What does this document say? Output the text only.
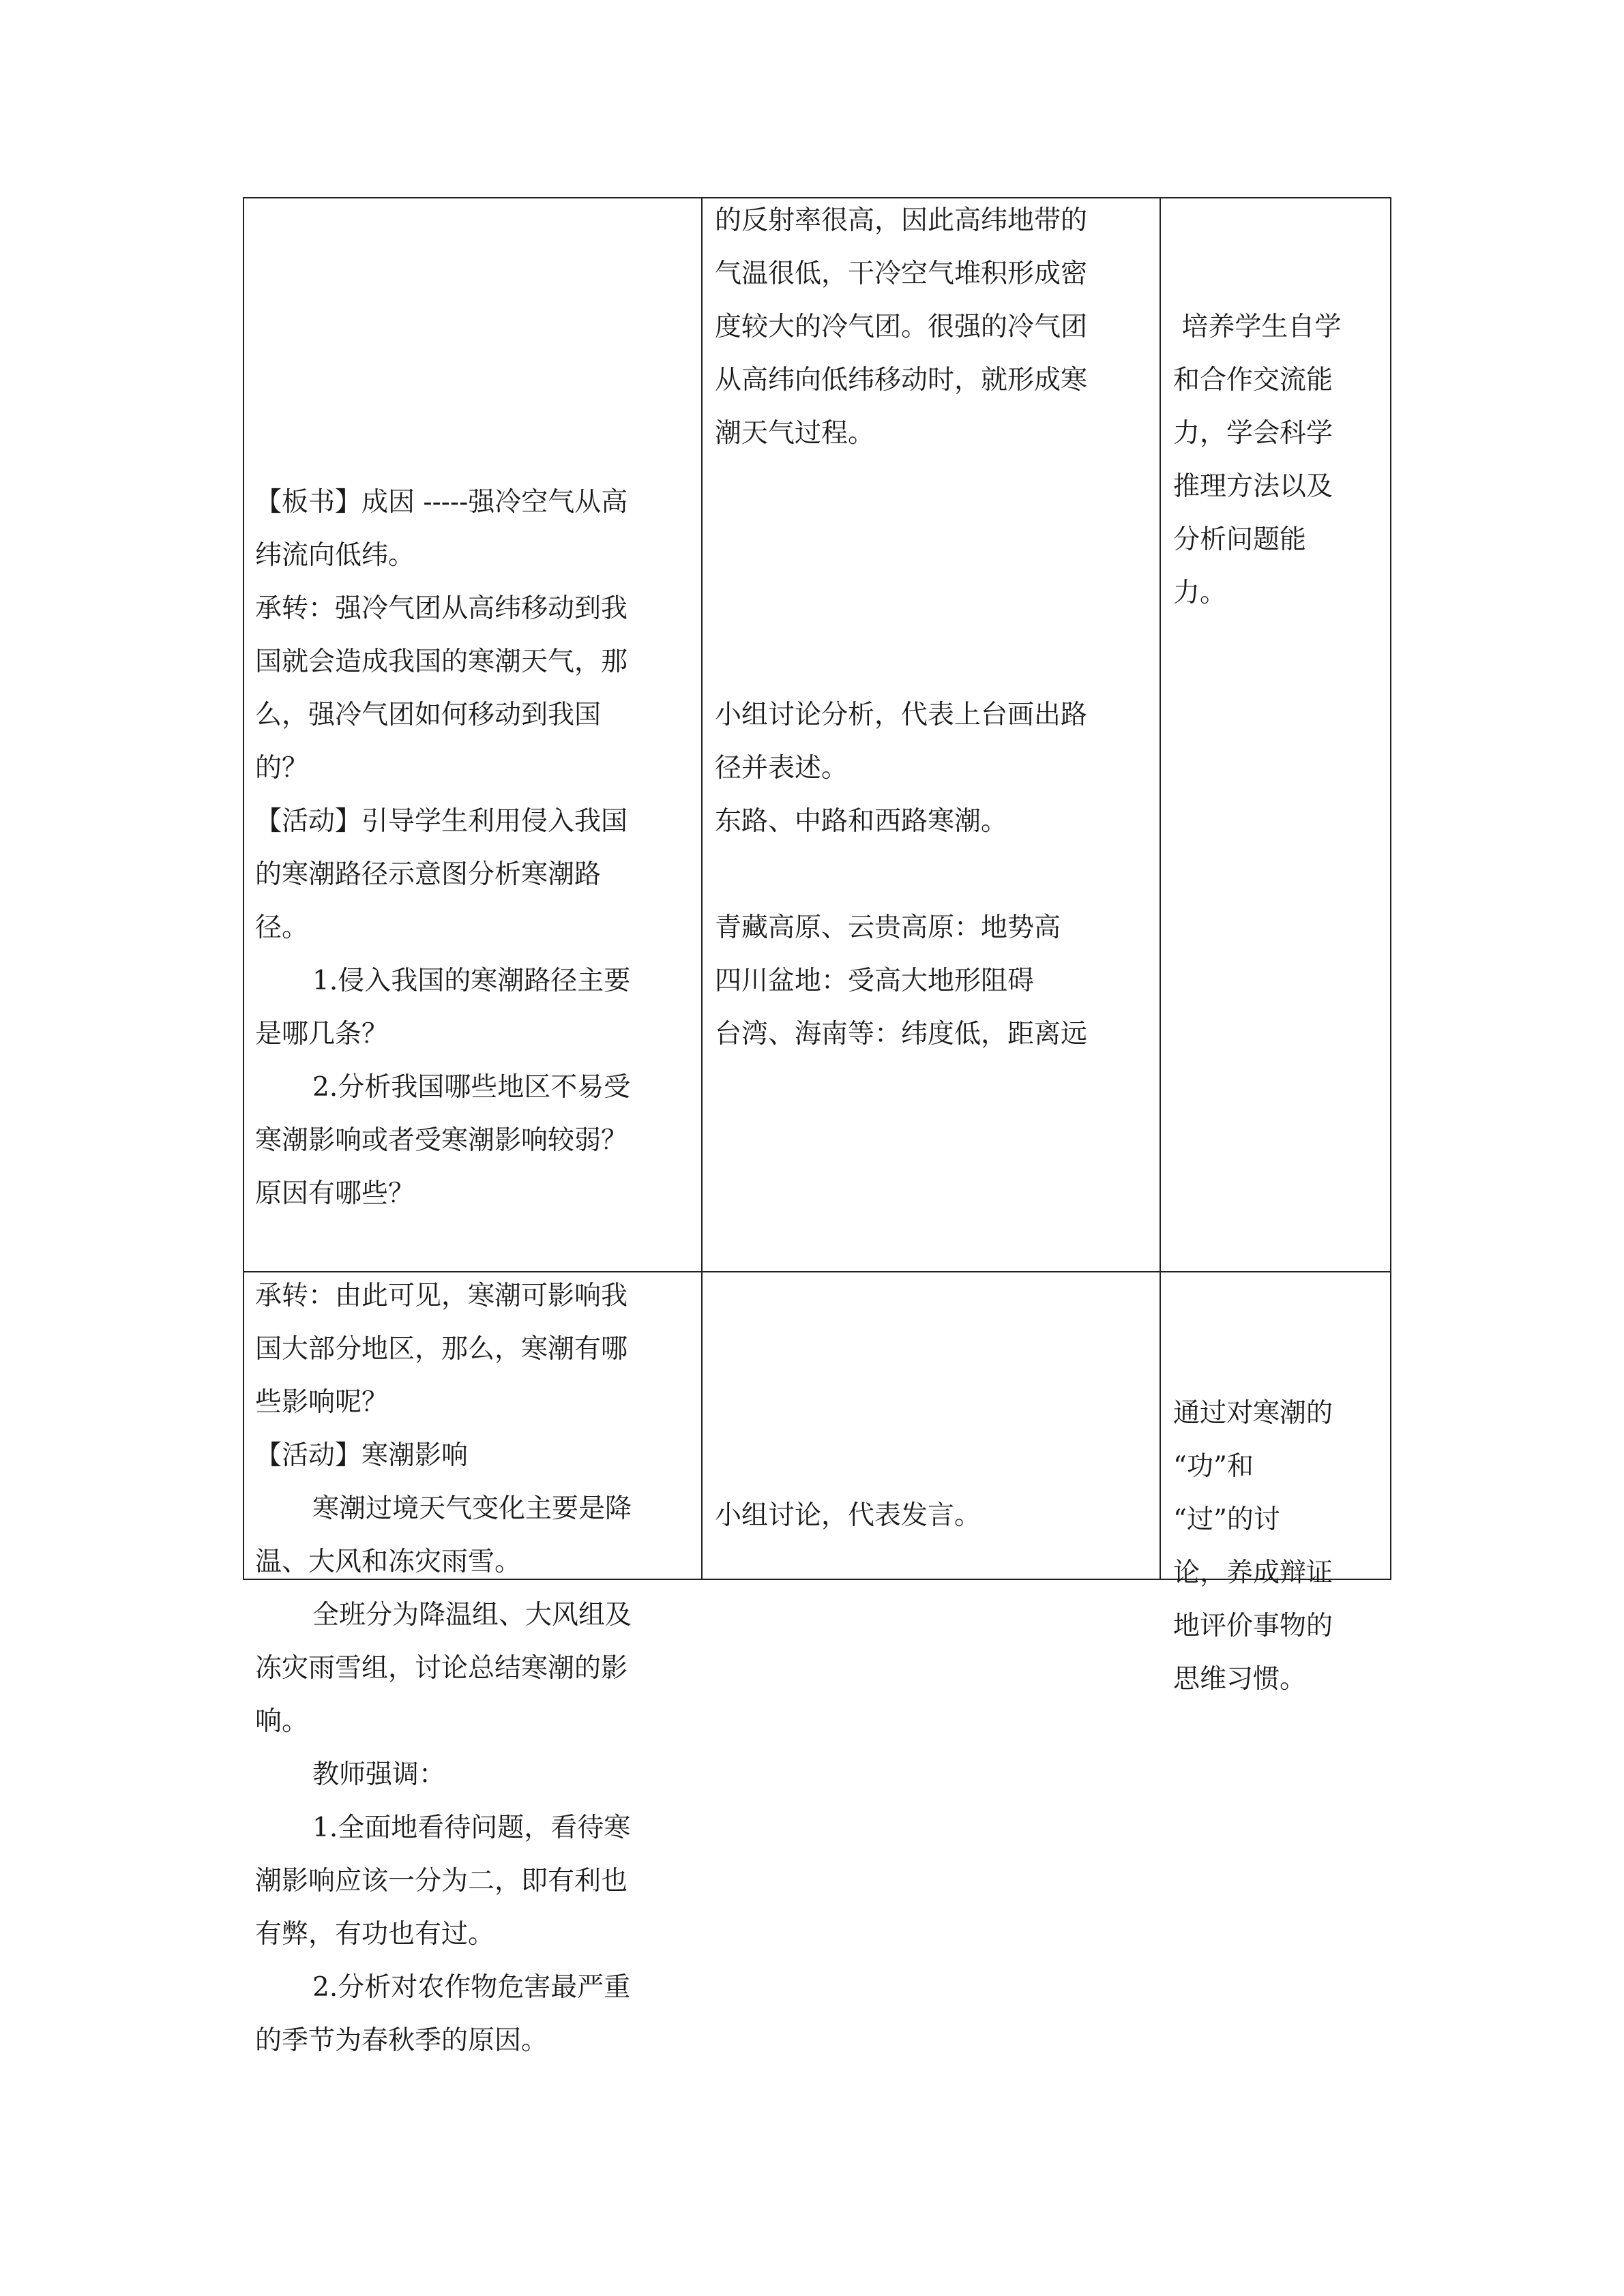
【板书】成因 -----强冷空气从高
纬流向低纬。
承转：强冷气团从高纬移动到我
国就会造成我国的寒潮天气，那
么，强冷气团如何移动到我国
的？
【活动】引导学生利用侵入我国
的寒潮路径示意图分析寒潮路
径。
1.侵入我国的寒潮路径主要
是哪几条？
2.分析我国哪些地区不易受
寒潮影响或者受寒潮影响较弱？
原因有哪些？
的反射率很高，因此高纬地带的
气温很低，干冷空气堆积形成密
度较大的冷气团。很强的冷气团
从高纬向低纬移动时，就形成寒
潮天气过程。
小组讨论分析，代表上台画出路
径并表述。
东路、中路和西路寒潮。
青藏高原、云贵高原：地势高
四川盆地：受高大地形阻碍
台湾、海南等：纬度低，距离远
培养学生自学
和合作交流能
力，学会科学
推理方法以及
分析问题能
力。
承转：由此可见，寒潮可影响我
国大部分地区，那么，寒潮有哪
些影响呢？
【活动】寒潮影响
寒潮过境天气变化主要是降
温、大风和冻灾雨雪。
全班分为降温组、大风组及
冻灾雨雪组，讨论总结寒潮的影
响。
教师强调：
1.全面地看待问题，看待寒
潮影响应该一分为二，即有利也
有弊，有功也有过。
2.分析对农作物危害最严重
的季节为春秋季的原因。
小组讨论，代表发言。
通过对寒潮的
“功”和
“过”的讨
论，养成辩证
地评价事物的
思维习惯。
